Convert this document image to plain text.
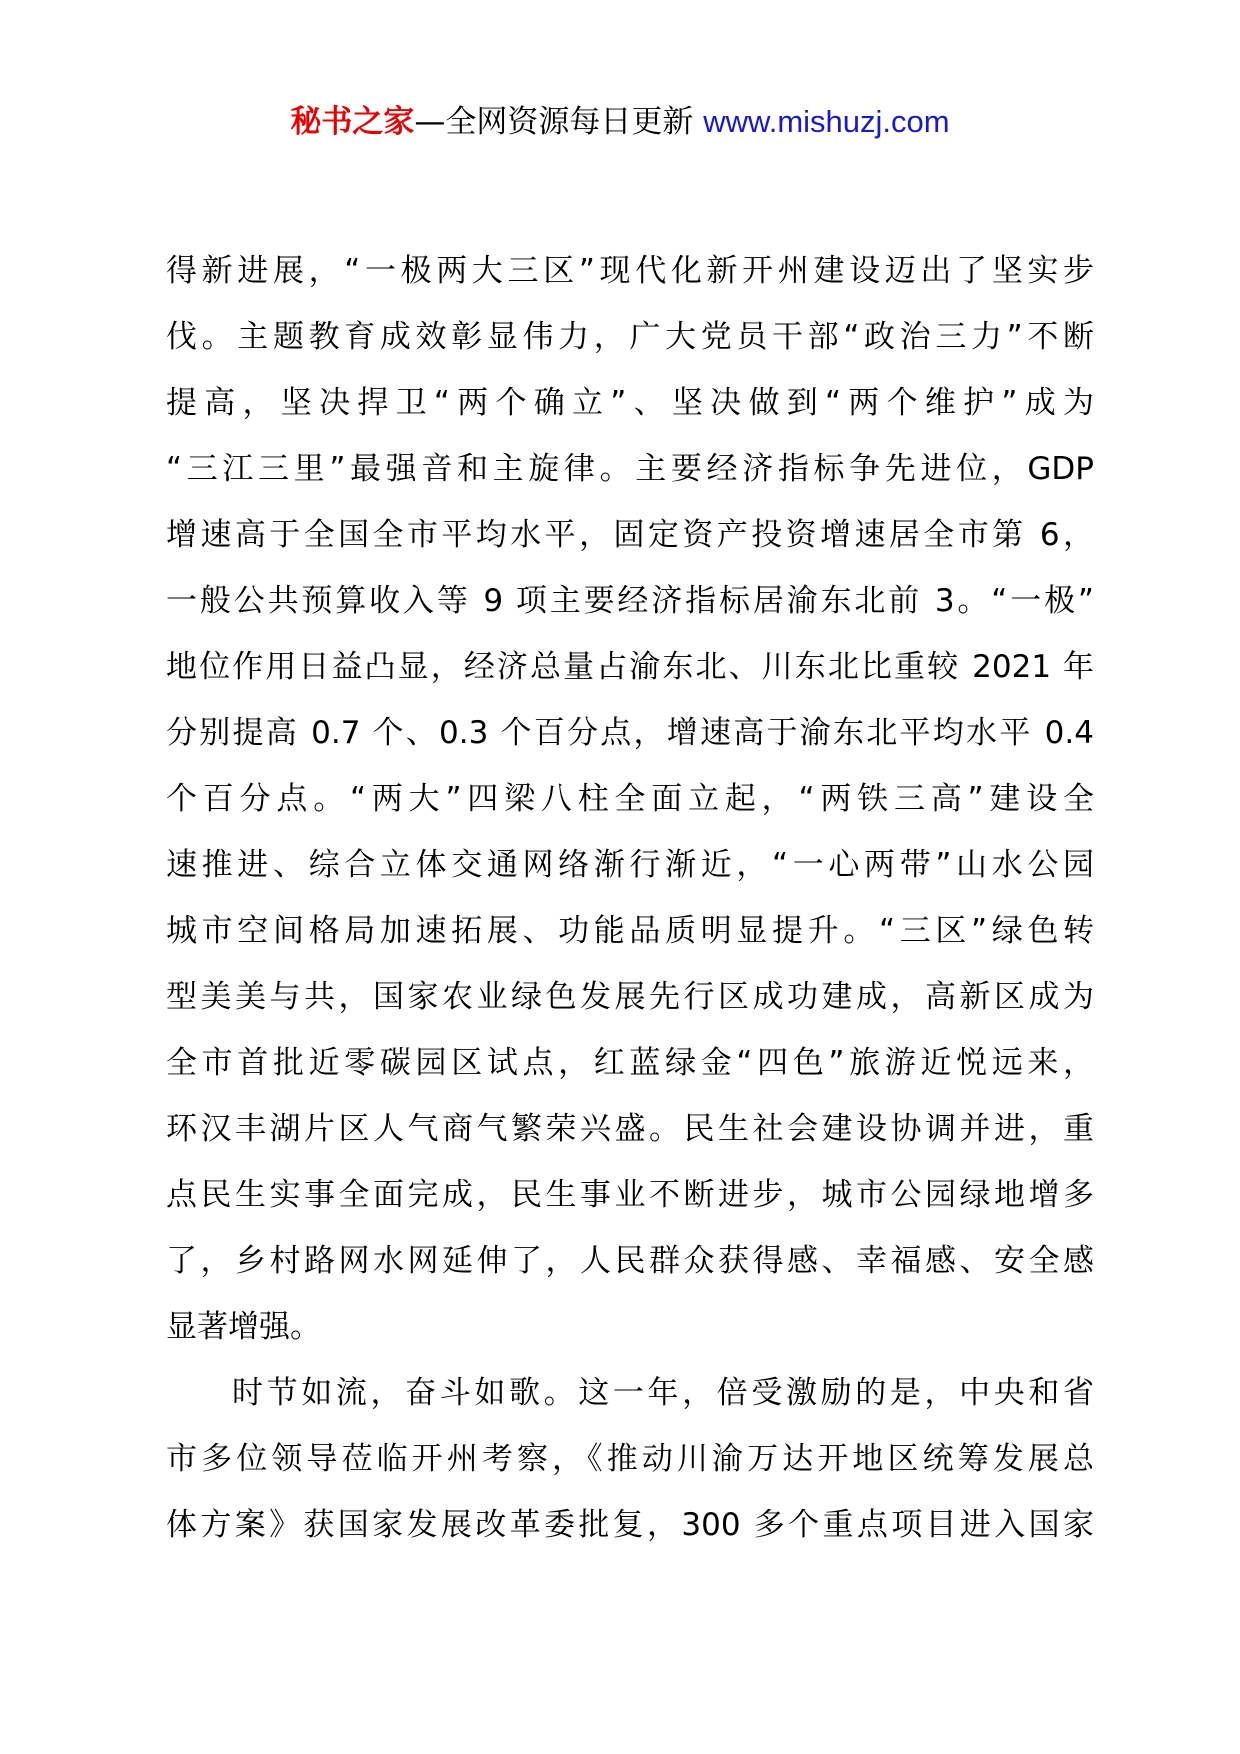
秘书之家—全网资源每日更新 www.mishuzj.com
得新进展，“一极两大三区”现代化新开州建设迈出了坚实步
伐。主题教育成效彰显伟力，广大党员干部“政治三力”不断
提高，坚决捍卫“两个确立”、坚决做到“两个维护”成为
“三江三里”最强音和主旋律。主要经济指标争先进位，GDP
增速高于全国全市平均水平，固定资产投资增速居全市第 6，
一般公共预算收入等 9 项主要经济指标居渝东北前 3。“一极”
地位作用日益凸显，经济总量占渝东北、川东北比重较 2021 年
分别提高 0.7 个、0.3 个百分点，增速高于渝东北平均水平 0.4
个百分点。“两大”四梁八柱全面立起，“两铁三高”建设全
速推进、综合立体交通网络渐行渐近，“一心两带”山水公园
城市空间格局加速拓展、功能品质明显提升。“三区”绿色转
型美美与共，国家农业绿色发展先行区成功建成，高新区成为
全市首批近零碳园区试点，红蓝绿金“四色”旅游近悦远来，
环汉丰湖片区人气商气繁荣兴盛。民生社会建设协调并进，重
点民生实事全面完成，民生事业不断进步，城市公园绿地增多
了，乡村路网水网延伸了，人民群众获得感、幸福感、安全感
显著增强。
时节如流，奋斗如歌。这一年，倍受激励的是，中央和省
市多位领导莅临开州考察，《推动川渝万达开地区统筹发展总
体方案》获国家发展改革委批复，300 多个重点项目进入国家
